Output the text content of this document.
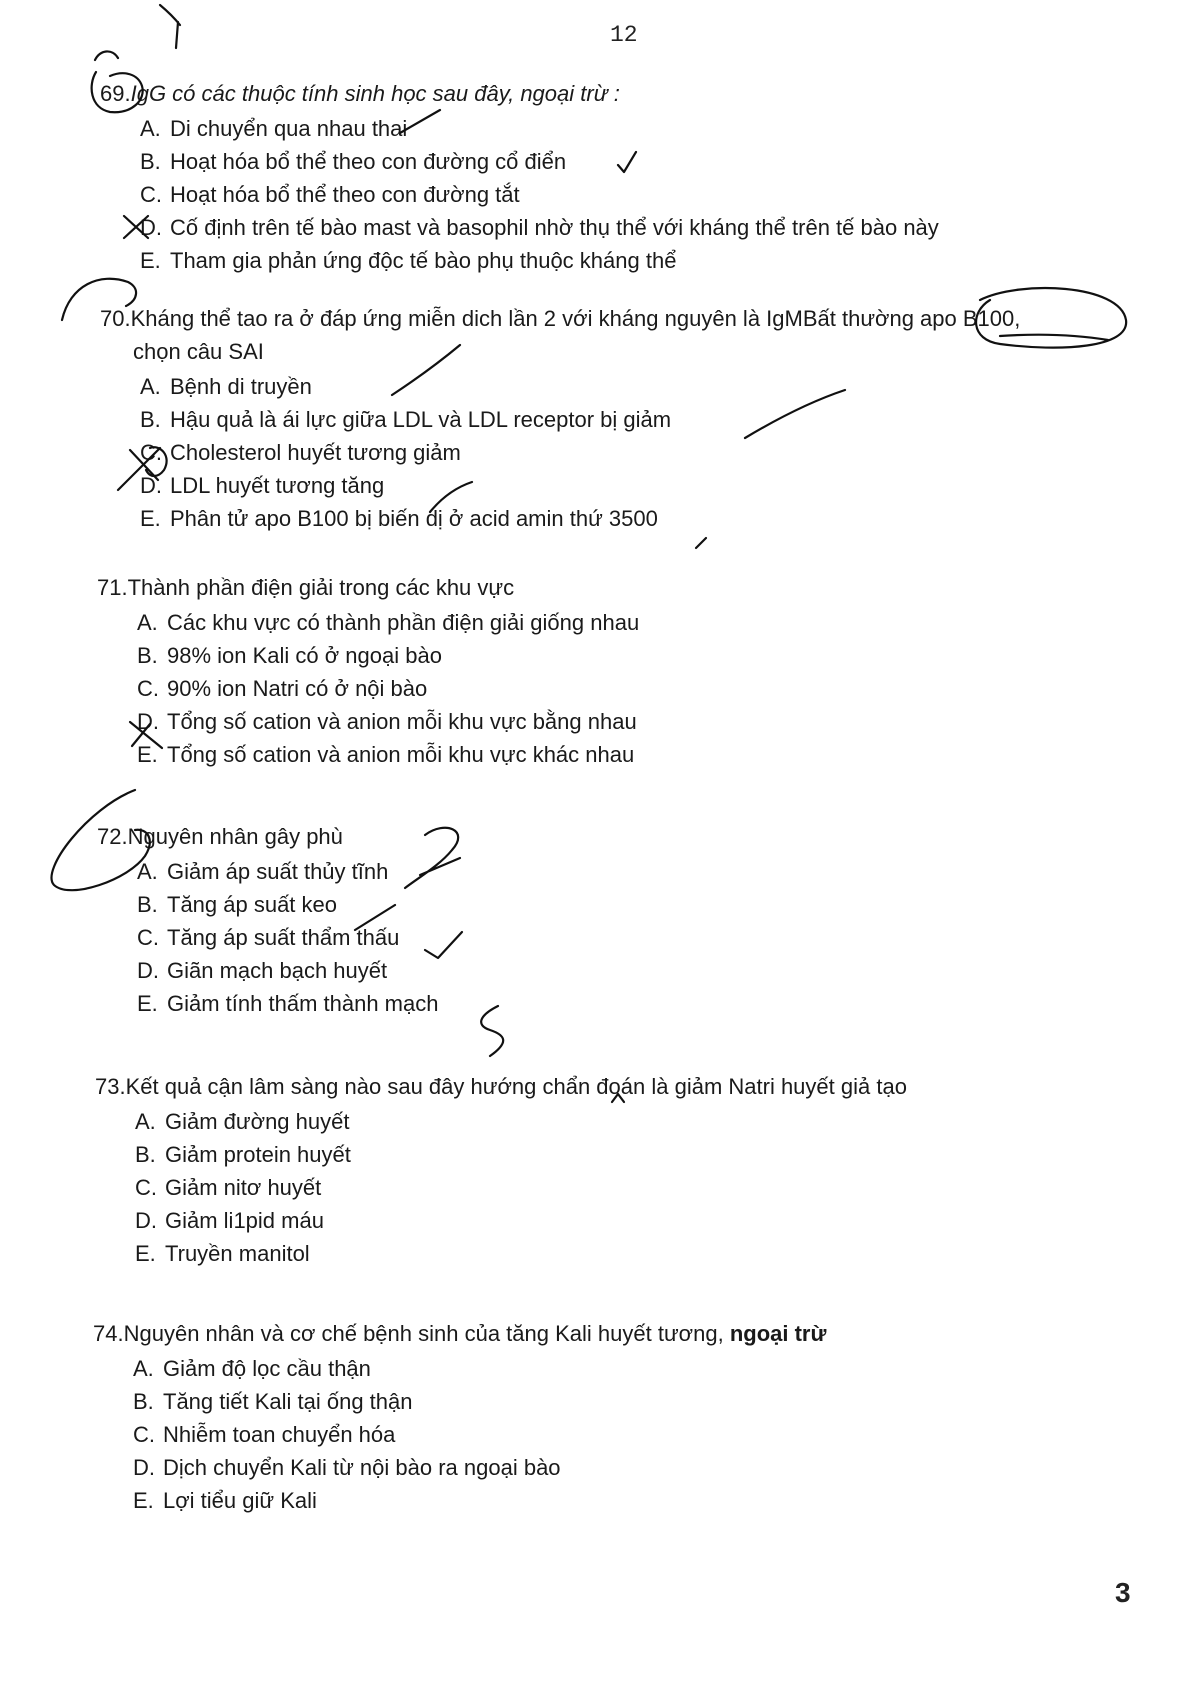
12
69.IgG có các thuộc tính sinh học sau đây, ngoại trừ :
A. Di chuyển qua nhau thai
B. Hoạt hóa bổ thể theo con đường cổ điển
C. Hoạt hóa bổ thể theo con đường tắt
D. Cố định trên tế bào mast và basophil nhờ thụ thể với kháng thể trên tế bào này
E. Tham gia phản ứng độc tế bào phụ thuộc kháng thể
70.Kháng thể tao ra ở đáp ứng miễn dich lần 2 với kháng nguyên là IgMBất thường apo B100,
chọn câu SAI
A. Bệnh di truyền
B. Hậu quả là ái lực giữa LDL và LDL receptor bị giảm
C. Cholesterol huyết tương giảm
D. LDL huyết tương tăng
E. Phân tử apo B100 bị biến dị ở acid amin thứ 3500
71.Thành phần điện giải trong các khu vực
A. Các khu vực có thành phần điện giải giống nhau
B. 98% ion Kali có ở ngoại bào
C. 90% ion Natri có ở nội bào
D. Tổng số cation và anion mỗi khu vực bằng nhau
E. Tổng số cation và anion mỗi khu vực khác nhau
72.Nguyên nhân gây phù
A. Giảm áp suất thủy tĩnh
B. Tăng áp suất keo
C. Tăng áp suất thẩm thấu
D. Giãn mạch bạch huyết
E. Giảm tính thấm thành mạch
73.Kết quả cận lâm sàng nào sau đây hướng chẩn đoán là giảm Natri huyết giả tạo
A. Giảm đường huyết
B. Giảm protein huyết
C. Giảm nitơ huyết
D. Giảm li1pid máu
E. Truyền manitol
74.Nguyên nhân và cơ chế bệnh sinh của tăng Kali huyết tương, ngoại trừ
A. Giảm độ lọc cầu thận
B. Tăng tiết Kali tại ống thận
C. Nhiễm toan chuyển hóa
D. Dịch chuyển Kali từ nội bào ra ngoại bào
E. Lợi tiểu giữ Kali
3
